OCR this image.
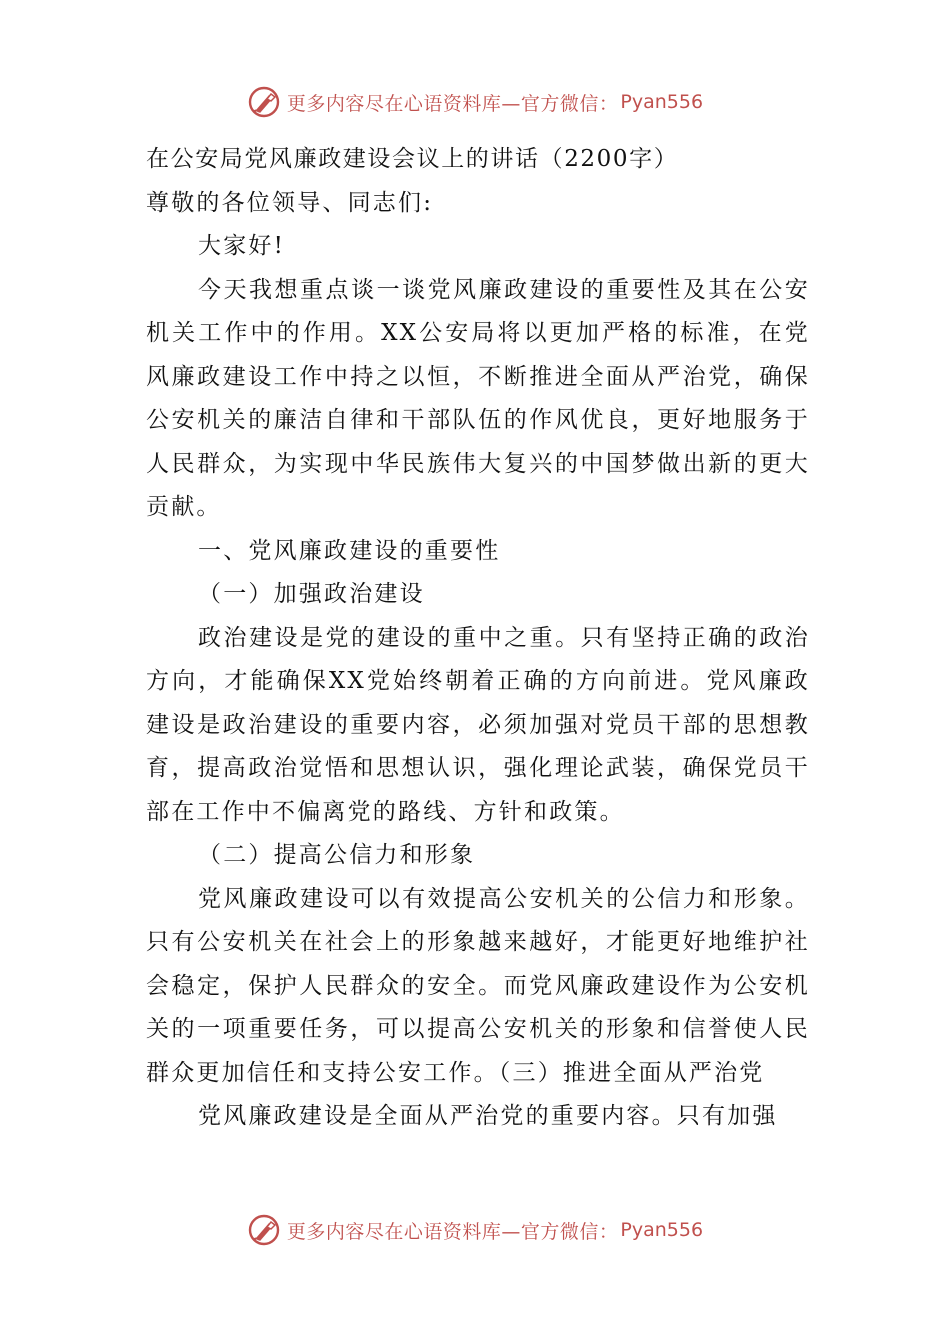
更多内容尽在心语资料库—官方微信： Pyan556

在公安局党风廉政建设会议上的讲话（2200字）

尊敬的各位领导、同志们:

大家好!

今天我想重点谈一谈党风廉政建设的重要性及其在公安机关工作中的作用。XX公安局将以更加严格的标准，在党风廉政建设工作中持之以恒，不断推进全面从严治党，确保公安机关的廉洁自律和干部队伍的作风优良，更好地服务于人民群众，为实现中华民族伟大复兴的中国梦做出新的更大贡献。

一、党风廉政建设的重要性

（一）加强政治建设

政治建设是党的建设的重中之重。只有坚持正确的政治方向，才能确保XX党始终朝着正确的方向前进。党风廉政建设是政治建设的重要内容，必须加强对党员干部的思想教育，提高政治觉悟和思想认识，强化理论武装，确保党员干部在工作中不偏离党的路线、方针和政策。

（二）提高公信力和形象

党风廉政建设可以有效提高公安机关的公信力和形象。只有公安机关在社会上的形象越来越好，才能更好地维护社会稳定，保护人民群众的安全。而党风廉政建设作为公安机关的一项重要任务，可以提高公安机关的形象和信誉使人民群众更加信任和支持公安工作。（三）推进全面从严治党

党风廉政建设是全面从严治党的重要内容。只有加强

更多内容尽在心语资料库—官方微信： Pyan556
